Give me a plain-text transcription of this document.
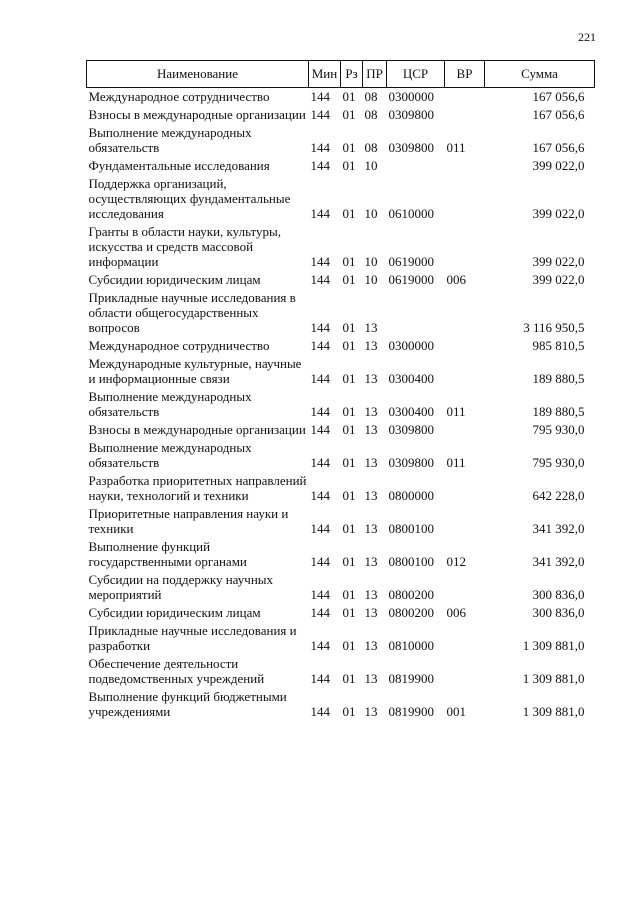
221
Наименование	Мин	Рз	ПР	ЦСР	ВР	Сумма
Международное сотрудничество	144	01	08	0300000		167 056,6
Взносы в международные организации	144	01	08	0309800		167 056,6
Выполнение международных обязательств	144	01	08	0309800	011	167 056,6
Фундаментальные исследования	144	01	10			399 022,0
Поддержка организаций, осуществляющих фундаментальные исследования	144	01	10	0610000		399 022,0
Гранты в области науки, культуры, искусства и средств массовой информации	144	01	10	0619000		399 022,0
Субсидии юридическим лицам	144	01	10	0619000	006	399 022,0
Прикладные научные исследования в области общегосударственных вопросов	144	01	13			3 116 950,5
Международное сотрудничество	144	01	13	0300000		985 810,5
Международные культурные, научные и информационные связи	144	01	13	0300400		189 880,5
Выполнение международных обязательств	144	01	13	0300400	011	189 880,5
Взносы в международные организации	144	01	13	0309800		795 930,0
Выполнение международных обязательств	144	01	13	0309800	011	795 930,0
Разработка приоритетных направлений науки, технологий и техники	144	01	13	0800000		642 228,0
Приоритетные направления науки и техники	144	01	13	0800100		341 392,0
Выполнение функций государственными органами	144	01	13	0800100	012	341 392,0
Субсидии на поддержку научных мероприятий	144	01	13	0800200		300 836,0
Субсидии юридическим лицам	144	01	13	0800200	006	300 836,0
Прикладные научные исследования и разработки	144	01	13	0810000		1 309 881,0
Обеспечение деятельности подведомственных учреждений	144	01	13	0819900		1 309 881,0
Выполнение функций бюджетными учреждениями	144	01	13	0819900	001	1 309 881,0
